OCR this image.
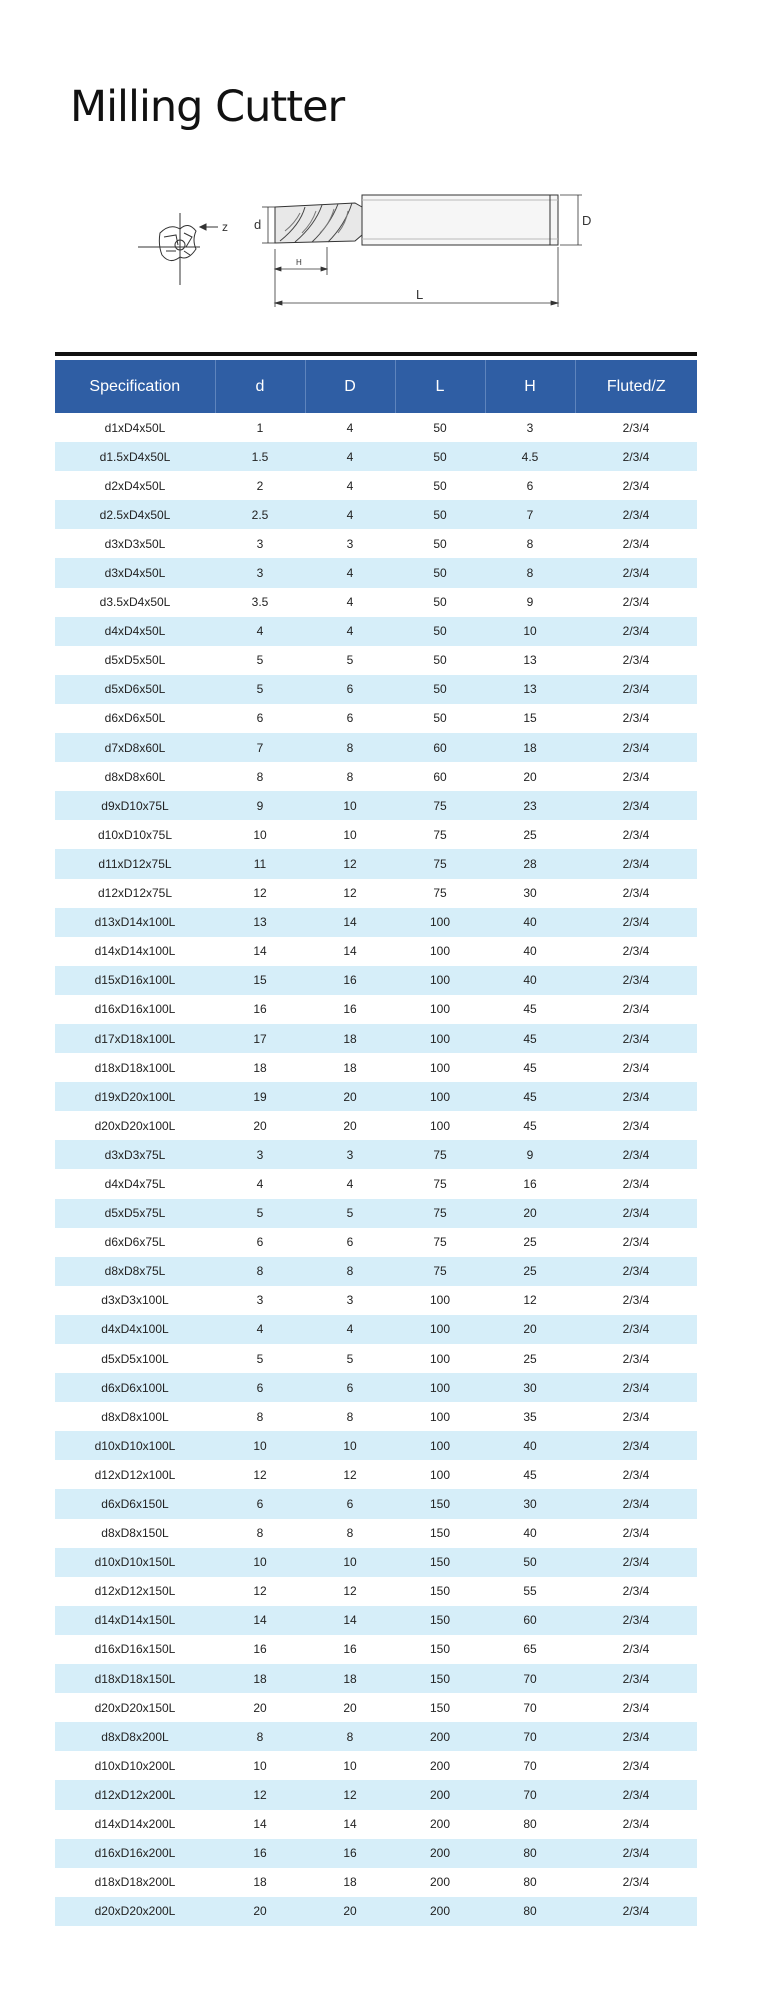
Milling Cutter
z d	D
H
L
Specification	d	D	L	H	Fluted/Z
d1xD4x50L	1	4	50	3	2/3/4
d1.5xD4x50L	1.5	4	50	4.5	2/3/4
d2xD4x50L	2	4	50	6	2/3/4
d2.5xD4x50L	2.5	4	50	7	2/3/4
d3xD3x50L	3	3	50	8	2/3/4
d3xD4x50L	3	4	50	8	2/3/4
d3.5xD4x50L	3.5	4	50	9	2/3/4
d4xD4x50L	4	4	50	10	2/3/4
d5xD5x50L	5	5	50	13	2/3/4
d5xD6x50L	5	6	50	13	2/3/4
d6xD6x50L	6	6	50	15	2/3/4
d7xD8x60L	7	8	60	18	2/3/4
d8xD8x60L	8	8	60	20	2/3/4
d9xD10x75L	9	10	75	23	2/3/4
d10xD10x75L	10	10	75	25	2/3/4
d11xD12x75L	11	12	75	28	2/3/4
d12xD12x75L	12	12	75	30	2/3/4
d13xD14x100L	13	14	100	40	2/3/4
d14xD14x100L	14	14	100	40	2/3/4
d15xD16x100L	15	16	100	40	2/3/4
d16xD16x100L	16	16	100	45	2/3/4
d17xD18x100L	17	18	100	45	2/3/4
d18xD18x100L	18	18	100	45	2/3/4
d19xD20x100L	19	20	100	45	2/3/4
d20xD20x100L	20	20	100	45	2/3/4
d3xD3x75L	3	3	75	9	2/3/4
d4xD4x75L	4	4	75	16	2/3/4
d5xD5x75L	5	5	75	20	2/3/4
d6xD6x75L	6	6	75	25	2/3/4
d8xD8x75L	8	8	75	25	2/3/4
d3xD3x100L	3	3	100	12	2/3/4
d4xD4x100L	4	4	100	20	2/3/4
d5xD5x100L	5	5	100	25	2/3/4
d6xD6x100L	6	6	100	30	2/3/4
d8xD8x100L	8	8	100	35	2/3/4
d10xD10x100L	10	10	100	40	2/3/4
d12xD12x100L	12	12	100	45	2/3/4
d6xD6x150L	6	6	150	30	2/3/4
d8xD8x150L	8	8	150	40	2/3/4
d10xD10x150L	10	10	150	50	2/3/4
d12xD12x150L	12	12	150	55	2/3/4
d14xD14x150L	14	14	150	60	2/3/4
d16xD16x150L	16	16	150	65	2/3/4
d18xD18x150L	18	18	150	70	2/3/4
d20xD20x150L	20	20	150	70	2/3/4
d8xD8x200L	8	8	200	70	2/3/4
d10xD10x200L	10	10	200	70	2/3/4
d12xD12x200L	12	12	200	70	2/3/4
d14xD14x200L	14	14	200	80	2/3/4
d16xD16x200L	16	16	200	80	2/3/4
d18xD18x200L	18	18	200	80	2/3/4
d20xD20x200L	20	20	200	80	2/3/4
